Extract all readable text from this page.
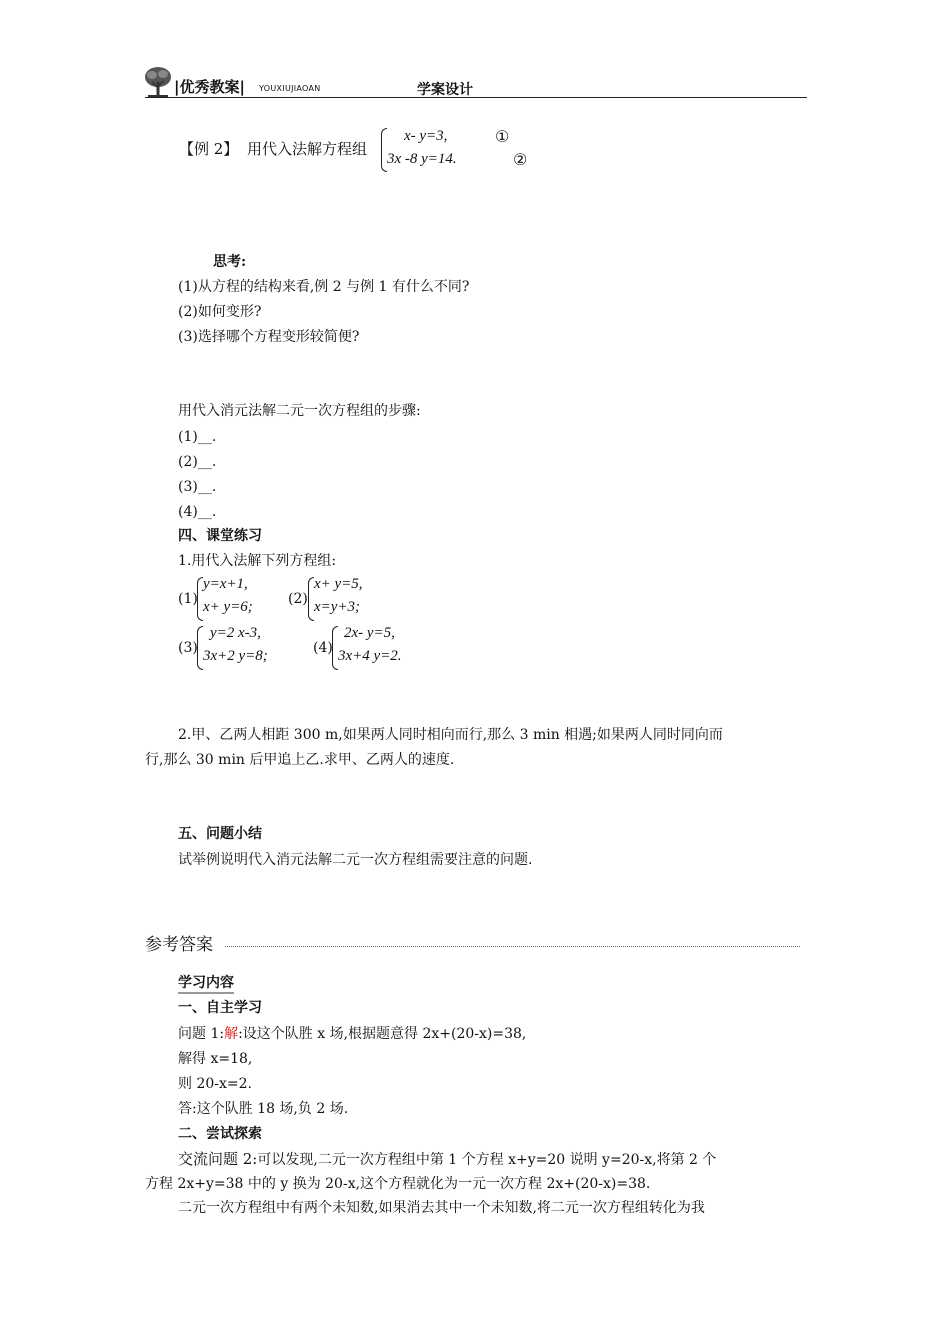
|优秀教案| YOUXIUJIAOAN	学案设计
【例 2】 用代入法解方程组
x- y=3,	①
3x -8 y=14.	②
思考:
(1)从方程的结构来看,例 2 与例 1 有什么不同?
(2)如何变形?
(3)选择哪个方程变形较简便?
用代入消元法解二元一次方程组的步骤:
(1)__.
(2)__.
(3)__.
(4)__.
四、课堂练习
1.用代入法解下列方程组:
(1)
y=x+1,
x+ y=6;	(2)
x+ y=5,
x=y+3;
(3)
y=2 x-3,
3x+2 y=8;	(4)
2x- y=5,
3x+4 y=2.
2.甲、乙两人相距 300 m,如果两人同时相向而行,那么 3 min 相遇;如果两人同时同向而
行,那么 30 min 后甲追上乙.求甲、乙两人的速度.
五、问题小结
试举例说明代入消元法解二元一次方程组需要注意的问题.
参考答案
学习内容
一、自主学习
问题 1:解:设这个队胜 x 场,根据题意得 2x+(20-x)=38,
解得 x=18,
则 20-x=2.
答:这个队胜 18 场,负 2 场.
二、尝试探索
交流问题 2:可以发现,二元一次方程组中第 1 个方程 x+y=20 说明 y=20-x,将第 2 个
方程 2x+y=38 中的 y 换为 20-x,这个方程就化为一元一次方程 2x+(20-x)=38.
二元一次方程组中有两个未知数,如果消去其中一个未知数,将二元一次方程组转化为我
